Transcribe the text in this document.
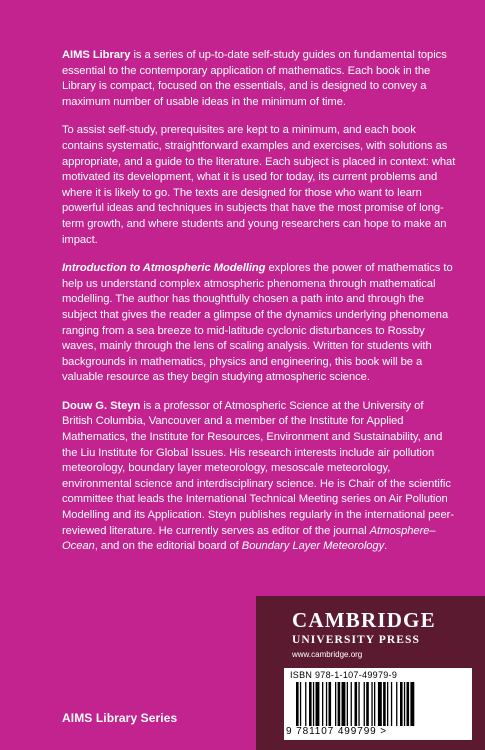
AIMS Library is a series of up-to-date self-study guides on fundamental topics essential to the contemporary application of mathematics. Each book in the Library is compact, focused on the essentials, and is designed to convey a maximum number of usable ideas in the minimum of time.

To assist self-study, prerequisites are kept to a minimum, and each book contains systematic, straightforward examples and exercises, with solutions as appropriate, and a guide to the literature. Each subject is placed in context: what motivated its development, what it is used for today, its current problems and where it is likely to go. The texts are designed for those who want to learn powerful ideas and techniques in subjects that have the most promise of long-term growth, and where students and young researchers can hope to make an impact.

Introduction to Atmospheric Modelling explores the power of mathematics to help us understand complex atmospheric phenomena through mathematical modelling. The author has thoughtfully chosen a path into and through the subject that gives the reader a glimpse of the dynamics underlying phenomena ranging from a sea breeze to mid-latitude cyclonic disturbances to Rossby waves, mainly through the lens of scaling analysis. Written for students with backgrounds in mathematics, physics and engineering, this book will be a valuable resource as they begin studying atmospheric science.

Douw G. Steyn is a professor of Atmospheric Science at the University of British Columbia, Vancouver and a member of the Institute for Applied Mathematics, the Institute for Resources, Environment and Sustainability, and the Liu Institute for Global Issues. His research interests include air pollution meteorology, boundary layer meteorology, mesoscale meteorology, environmental science and interdisciplinary science. He is Chair of the scientific committee that leads the International Technical Meeting series on Air Pollution Modelling and its Application. Steyn publishes regularly in the international peer-reviewed literature. He currently serves as editor of the journal Atmosphere–Ocean, and on the editorial board of Boundary Layer Meteorology.

CAMBRIDGE
UNIVERSITY PRESS
www.cambridge.org
ISBN 978-1-107-49979-9
9 781107 499799 >
AIMS Library Series
